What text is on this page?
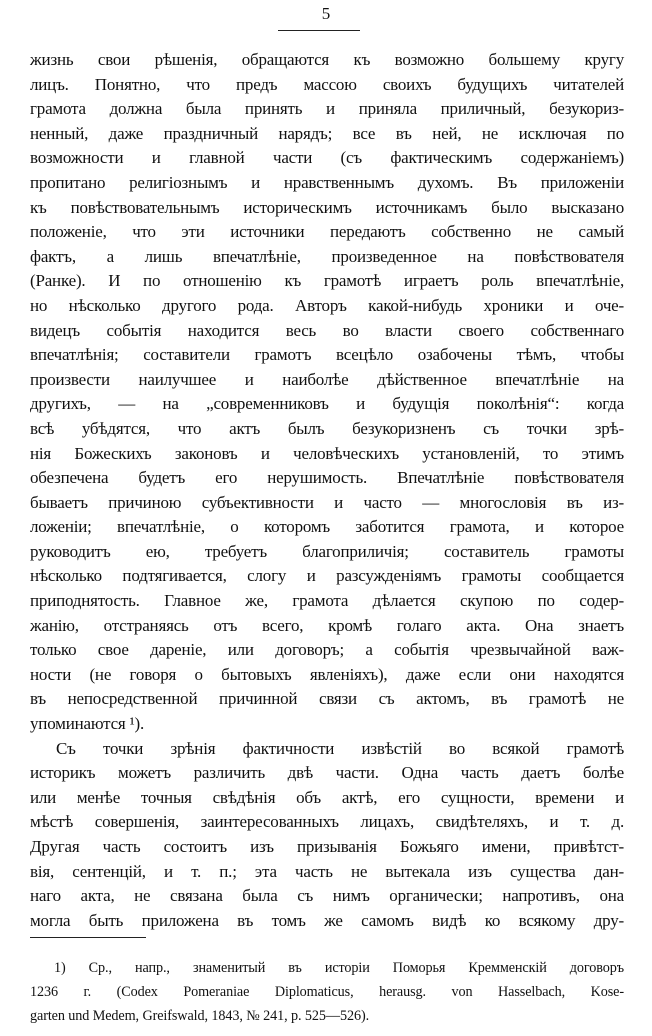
5
жизнь свои рѣшенія, обращаются къ возможно большему кругу
лицъ. Понятно, что предъ массою своихъ будущихъ читателей
грамота должна была принять и приняла приличный, безукориз-
ненный, даже праздничный нарядъ; все въ ней, не исключая по
возможности и главной части (съ фактическимъ содержаніемъ)
пропитано религіознымъ и нравственнымъ духомъ. Въ приложеніи
къ повѣствовательнымъ историческимъ источникамъ было высказано
положеніе, что эти источники передаютъ собственно не самый
фактъ, а лишь впечатлѣніе, произведенное на повѣствователя
(Ранке). И по отношенію къ грамотѣ играетъ роль впечатлѣніе,
но нѣсколько другого рода. Авторъ какой-нибудь хроники и оче-
видецъ событія находится весь во власти своего собственнаго
впечатлѣнія; составители грамотъ всецѣло озабочены тѣмъ, чтобы
произвести наилучшее и наиболѣе дѣйственное впечатлѣніе на
другихъ, — на „современниковъ и будущія поколѣнія“: когда
всѣ убѣдятся, что актъ былъ безукоризненъ съ точки зрѣ-
нія Божескихъ законовъ и человѣческихъ установленій, то этимъ
обезпечена будетъ его нерушимость. Впечатлѣніе повѣствователя
бываетъ причиною субъективности и часто — многословія въ из-
ложеніи; впечатлѣніе, о которомъ заботится грамота, и которое
руководитъ ею, требуетъ благоприличія; составитель грамоты
нѣсколько подтягивается, слогу и разсужденіямъ грамоты сообщается
приподнятость. Главное же, грамота дѣлается скупою по содер-
жанію, отстраняясь отъ всего, кромѣ голаго акта. Она знаетъ
только свое дареніе, или договоръ; а событія чрезвычайной важ-
ности (не говоря о бытовыхъ явленіяхъ), даже если они находятся
въ непосредственной причинной связи съ актомъ, въ грамотѣ не
упоминаются ¹).
Съ точки зрѣнія фактичности извѣстій во всякой грамотѣ
историкъ можетъ различить двѣ части. Одна часть даетъ болѣе
или менѣе точныя свѣдѣнія объ актѣ, его сущности, времени и
мѣстѣ совершенія, заинтересованныхъ лицахъ, свидѣтеляхъ, и т. д.
Другая часть состоитъ изъ призыванія Божьяго имени, привѣтст-
вія, сентенцій, и т. п.; эта часть не вытекала изъ существа дан-
наго акта, не связана была съ нимъ органически; напротивъ, она
могла быть приложена въ томъ же самомъ видѣ ко всякому дру-
1) Ср., напр., знаменитый въ исторіи Поморья Кремменскій договоръ
1236 г. (Codex Pomeraniae Diplomaticus, herausg. von Hasselbach, Kose-
garten und Medem, Greifswald, 1843, № 241, p. 525—526).
